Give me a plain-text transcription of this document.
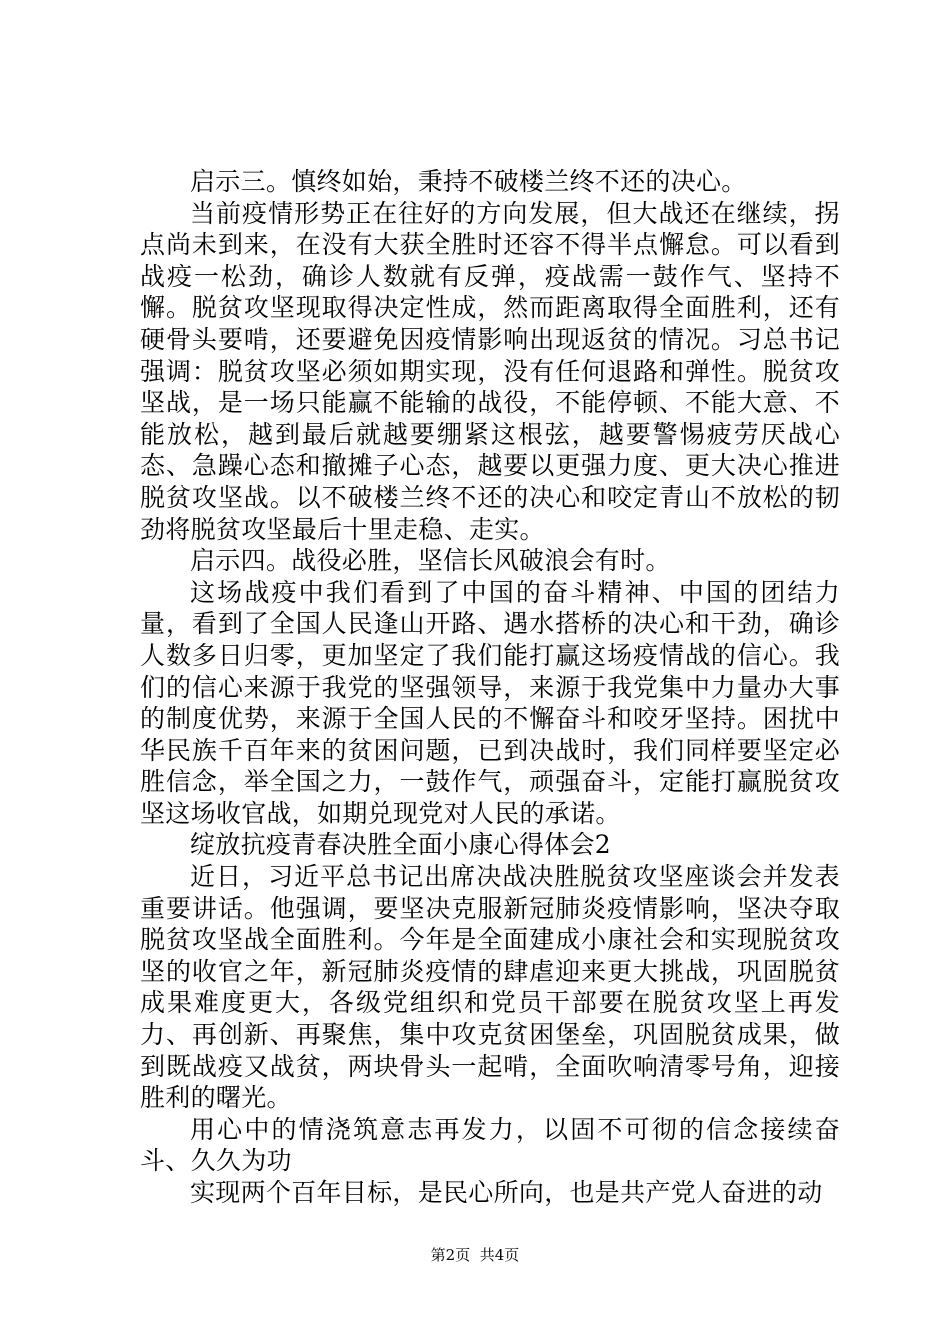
启示三。慎终如始，秉持不破楼兰终不还的决心。

当前疫情形势正在往好的方向发展，但大战还在继续，拐点尚未到来，在没有大获全胜时还容不得半点懈怠。可以看到战疫一松劲，确诊人数就有反弹，疫战需一鼓作气、坚持不懈。脱贫攻坚现取得决定性成，然而距离取得全面胜利，还有硬骨头要啃，还要避免因疫情影响出现返贫的情况。习总书记强调：脱贫攻坚必须如期实现，没有任何退路和弹性。脱贫攻坚战，是一场只能赢不能输的战役，不能停顿、不能大意、不能放松，越到最后就越要绷紧这根弦，越要警惕疲劳厌战心态、急躁心态和撤摊子心态，越要以更强力度、更大决心推进脱贫攻坚战。以不破楼兰终不还的决心和咬定青山不放松的韧劲将脱贫攻坚最后十里走稳、走实。

启示四。战役必胜，坚信长风破浪会有时。

这场战疫中我们看到了中国的奋斗精神、中国的团结力量，看到了全国人民逢山开路、遇水搭桥的决心和干劲，确诊人数多日归零，更加坚定了我们能打赢这场疫情战的信心。我们的信心来源于我党的坚强领导，来源于我党集中力量办大事的制度优势，来源于全国人民的不懈奋斗和咬牙坚持。困扰中华民族千百年来的贫困问题，已到决战时，我们同样要坚定必胜信念，举全国之力，一鼓作气，顽强奋斗，定能打赢脱贫攻坚这场收官战，如期兑现党对人民的承诺。

绽放抗疫青春决胜全面小康心得体会2

近日，习近平总书记出席决战决胜脱贫攻坚座谈会并发表重要讲话。他强调，要坚决克服新冠肺炎疫情影响，坚决夺取脱贫攻坚战全面胜利。今年是全面建成小康社会和实现脱贫攻坚的收官之年，新冠肺炎疫情的肆虐迎来更大挑战，巩固脱贫成果难度更大，各级党组织和党员干部要在脱贫攻坚上再发力、再创新、再聚焦，集中攻克贫困堡垒，巩固脱贫成果，做到既战疫又战贫，两块骨头一起啃，全面吹响清零号角，迎接胜利的曙光。

用心中的情浇筑意志再发力，以固不可彻的信念接续奋斗、久久为功

实现两个百年目标，是民心所向，也是共产党人奋进的动

第2页 共4页
